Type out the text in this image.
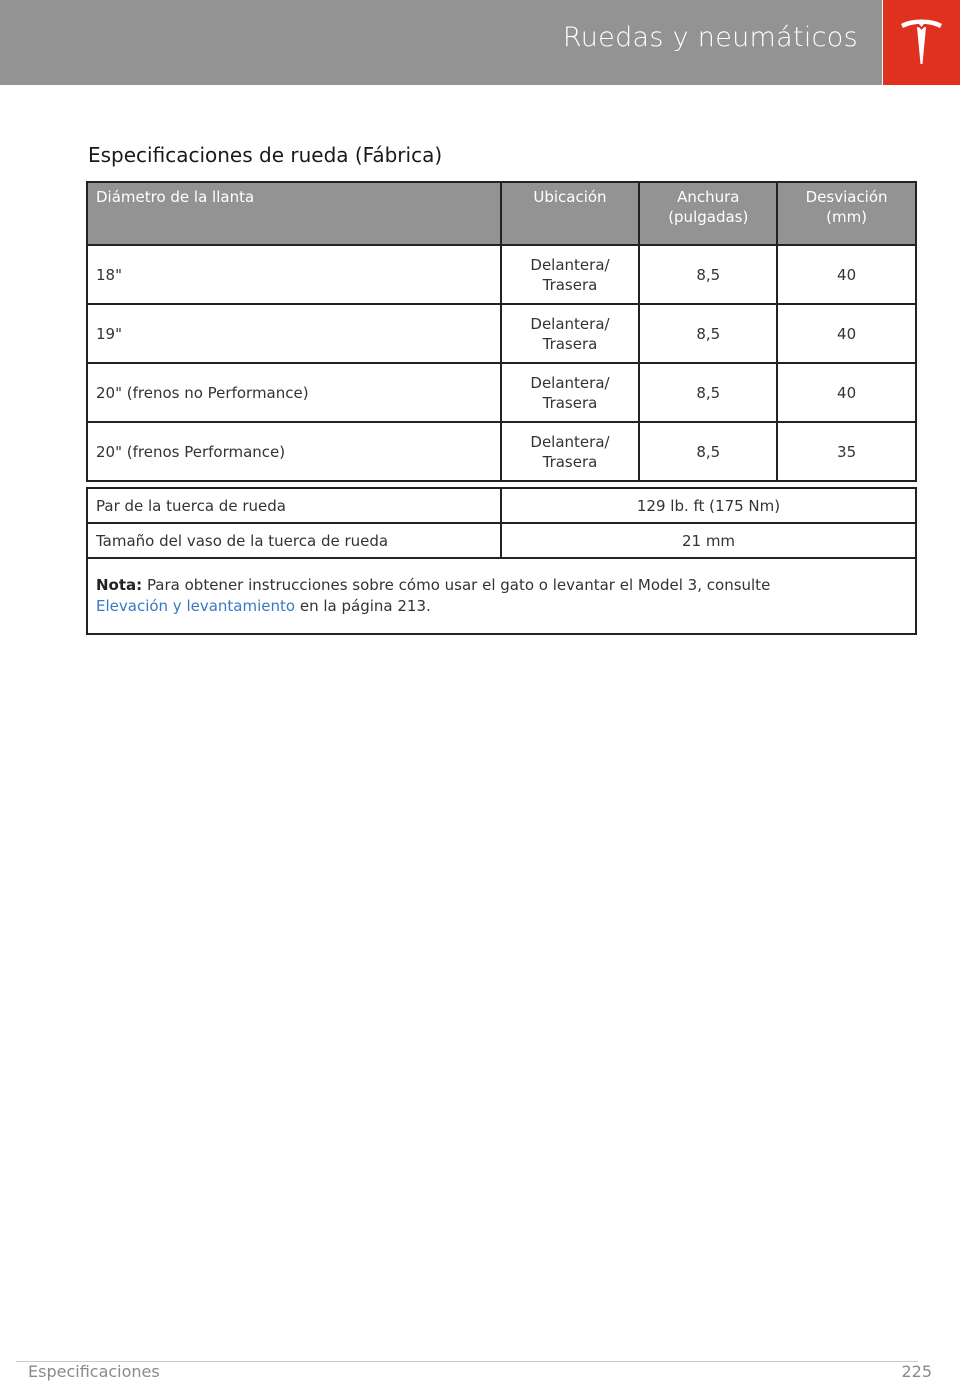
Ruedas y neumáticos
Especificaciones de rueda (Fábrica)
Diámetro de la llanta	Ubicación	Anchura (pulgadas)	Desviación (mm)
18"	Delantera/ Trasera	8,5	40
19"	Delantera/ Trasera	8,5	40
20" (frenos no Performance)	Delantera/ Trasera	8,5	40
20" (frenos Performance)	Delantera/ Trasera	8,5	35
Par de la tuerca de rueda	129 lb. ft (175 Nm)
Tamaño del vaso de la tuerca de rueda	21 mm
Nota: Para obtener instrucciones sobre cómo usar el gato o levantar el Model 3, consulte
Elevación y levantamiento en la página 213.	
Especificaciones	225
